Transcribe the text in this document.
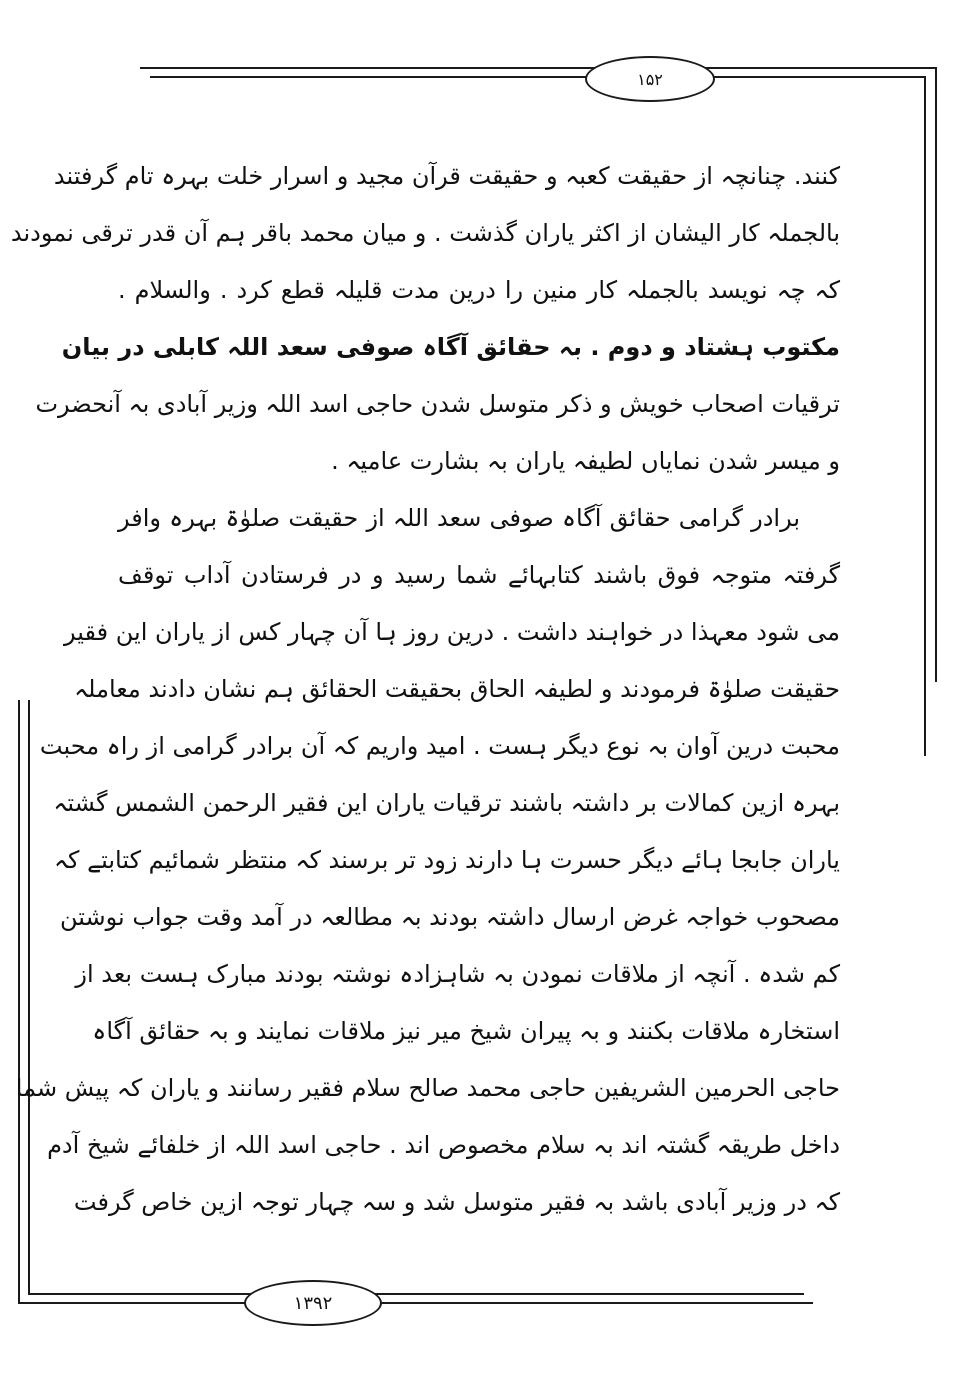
۱۵۲
کنند. چنانچہ از حقیقت کعبہ و حقیقت قرآن مجید و اسرار خلت بہرہ تام گرفتند
بالجملہ کار الیشان از اکثر یاران گذشت . و میان محمد باقر ہم آن قدر ترقی نمودند
کہ چہ نویسد بالجملہ کار منین را درین مدت قلیلہ قطع کرد . والسلام .
مکتوب ہشتاد و دوم . بہ حقائق آگاہ صوفی سعد اللہ کابلی در بیان
ترقیات اصحاب خویش و ذکر متوسل شدن حاجی اسد اللہ وزیر آبادی بہ آنحضرت
و میسر شدن نمایاں لطیفہ یاران بہ بشارت عامیہ .
برادر گرامی حقائق آگاہ صوفی سعد اللہ از حقیقت صلوٰۃ بہرہ وافر
گرفتہ متوجہ فوق باشند کتابہائے شما رسید و در فرستادن آداب توقف
می شود معہذا در خواہند داشت . درین روز ہا آن چہار کس از یاران این فقیر
حقیقت صلوٰۃ فرمودند و لطیفہ الحاق بحقیقت الحقائق ہم نشان دادند معاملہ
محبت درین آوان بہ نوع دیگر ہست . امید واریم کہ آن برادر گرامی از راہ محبت
بہرہ ازین کمالات بر داشتہ باشند ترقیات یاران این فقیر الرحمن الشمس گشتہ
یاران جابجا ہائے دیگر حسرت ہا دارند زود تر برسند کہ منتظر شمائیم کتابتے کہ
مصحوب خواجہ غرض ارسال داشتہ بودند بہ مطالعہ در آمد وقت جواب نوشتن
کم شدہ . آنچہ از ملاقات نمودن بہ شاہزادہ نوشتہ بودند مبارک ہست بعد از
استخارہ ملاقات بکنند و بہ پیران شیخ میر نیز ملاقات نمایند و بہ حقائق آگاہ
حاجی الحرمین الشریفین حاجی محمد صالح سلام فقیر رسانند و یاران کہ پیش شما
داخل طریقہ گشتہ اند بہ سلام مخصوص اند . حاجی اسد اللہ از خلفائے شیخ آدم
کہ در وزیر آبادی باشد بہ فقیر متوسل شد و سہ چہار توجہ ازین خاص گرفت
۱۳۹۲
